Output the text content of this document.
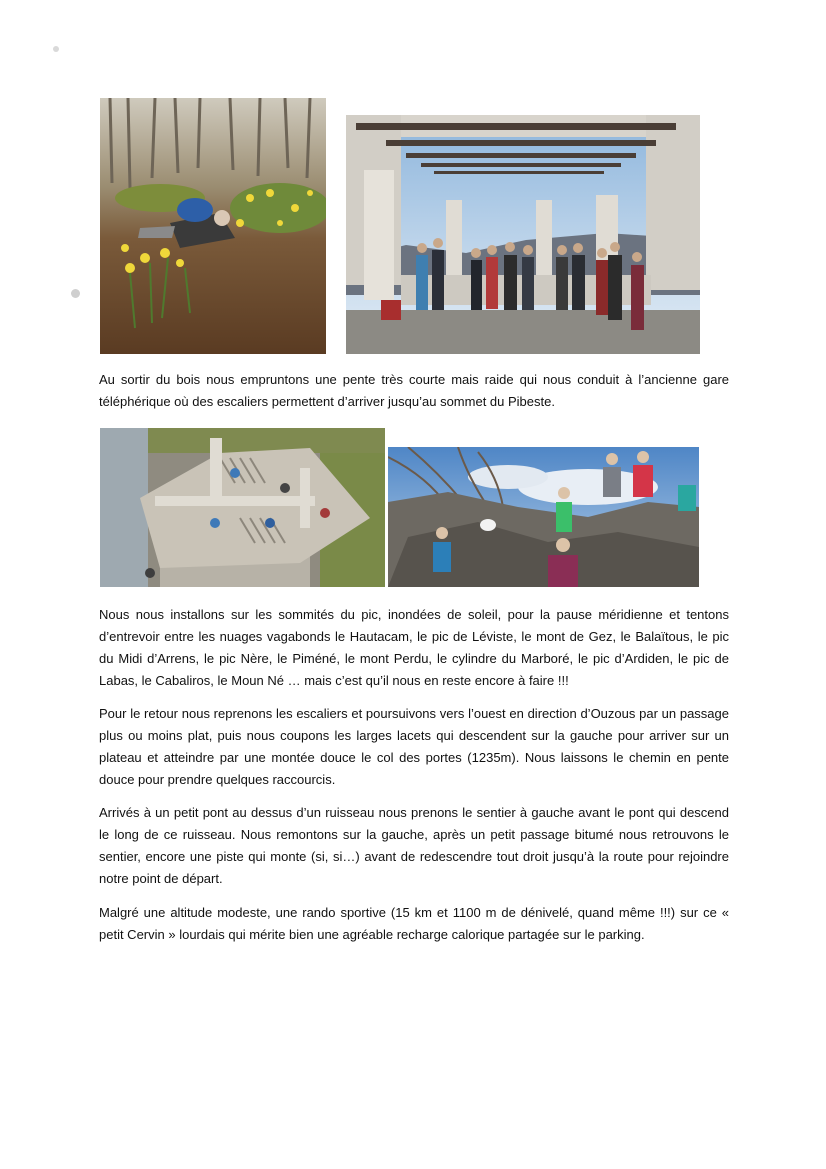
Au sortir du bois nous empruntons une pente très courte mais raide qui nous conduit à l’ancienne gare téléphérique où des escaliers permettent d’arriver jusqu’au sommet du Pibeste.

Nous nous installons sur les sommités du pic, inondées de soleil, pour la pause méridienne et tentons d’entrevoir entre les nuages vagabonds le Hautacam, le pic de Léviste, le mont de Gez, le Balaïtous, le pic du Midi d’Arrens, le pic Nère, le Piméné, le mont Perdu, le cylindre du Marboré, le pic d’Ardiden, le pic de Labas, le Cabaliros, le Moun Né … mais c’est qu’il nous en reste encore à faire !!!

Pour le retour nous reprenons les escaliers et poursuivons vers l’ouest en direction d’Ouzous par un passage plus ou moins plat, puis nous coupons les larges lacets qui descendent sur la gauche pour arriver sur un plateau et atteindre par une montée douce le col des portes (1235m). Nous laissons le chemin en pente douce pour prendre quelques raccourcis.

Arrivés à un petit pont au dessus d’un ruisseau nous prenons le sentier à gauche avant le pont qui descend le long de ce ruisseau. Nous remontons sur la gauche, après un petit passage bitumé nous retrouvons le sentier, encore une piste qui monte (si, si…) avant de redescendre tout droit jusqu’à la route pour rejoindre notre point de départ.

Malgré une altitude modeste, une rando sportive (15 km et 1100 m de dénivelé, quand même !!!) sur ce « petit Cervin » lourdais qui mérite bien une agréable recharge calorique partagée sur le parking.
